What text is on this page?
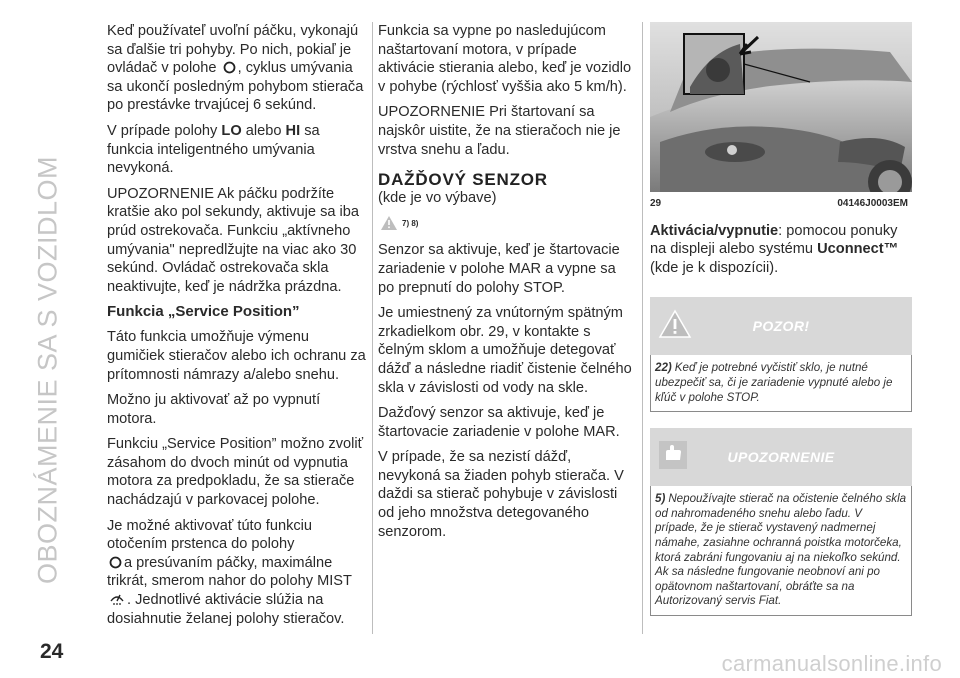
OBOZNÁMENIE SA S VOZIDLOM

Keď používateľ uvoľní páčku, vykonajú sa ďalšie tri pohyby. Po nich, pokiaľ je ovládač v polohe , cyklus umývania sa ukončí posledným pohybom stierača po prestávke trvajúcej 6 sekúnd.

V prípade polohy LO alebo HI sa funkcia inteligentného umývania nevykoná.

UPOZORNENIE Ak páčku podržíte kratšie ako pol sekundy, aktivuje sa iba prúd ostrekovača. Funkciu „aktívneho umývania" nepredlžujte na viac ako 30 sekúnd. Ovládač ostrekovača skla neaktivujte, keď je nádržka prázdna.

Funkcia „Service Position”

Táto funkcia umožňuje výmenu gumičiek stieračov alebo ich ochranu za prítomnosti námrazy a/alebo snehu.

Možno ju aktivovať až po vypnutí motora.

Funkciu „Service Position” možno zvoliť zásahom do dvoch minút od vypnutia motora za predpokladu, že sa stierače nachádzajú v parkovacej polohe.

Je možné aktivovať túto funkciu otočením prstenca do polohy
a presúvaním páčky, maximálne trikrát, smerom nahor do polohy MIST
. Jednotlivé aktivácie slúžia na dosiahnutie želanej polohy stieračov.

Funkcia sa vypne po nasledujúcom naštartovaní motora, v prípade aktivácie stierania alebo, keď je vozidlo v pohybe (rýchlosť vyššia ako 5 km/h).

UPOZORNENIE Pri štartovaní sa najskôr uistite, že na stieračoch nie je vrstva snehu a ľadu.

DAŽĎOVÝ SENZOR

(kde je vo výbave)

$^{7) 8)}$

Senzor sa aktivuje, keď je štartovacie zariadenie v polohe MAR a vypne sa po prepnutí do polohy STOP.

Je umiestnený za vnútorným spätným zrkadielkom obr. 29, v kontakte s čelným sklom a umožňuje detegovať dážď a následne riadiť čistenie čelného skla v závislosti od vody na skle.

Dažďový senzor sa aktivuje, keď je štartovacie zariadenie v polohe MAR.

V prípade, že sa nezistí dážď, nevykoná sa žiaden pohyb stierača. V daždi sa stierač pohybuje v závislosti od jeho množstva detegovaného senzorom.

29	04146J0003EM

Aktivácia/vypnutie: pomocou ponuky na displeji alebo systému Uconnect™ (kde je k dispozícii).

POZOR!
22) Keď je potrebné vyčistiť sklo, je nutné ubezpečiť sa, či je zariadenie vypnuté alebo je kľúč v polohe STOP.
UPOZORNENIE
5) Nepoužívajte stierač na očistenie čelného skla od nahromadeného snehu alebo ľadu. V prípade, že je stierač vystavený nadmernej námahe, zasiahne ochranná poistka motorčeka, ktorá zabráni fungovaniu aj na niekoľko sekúnd. Ak sa následne fungovanie neobnoví ani po opätovnom naštartovaní, obráťte sa na Autorizovaný servis Fiat.
24	carmanualsonline.info
